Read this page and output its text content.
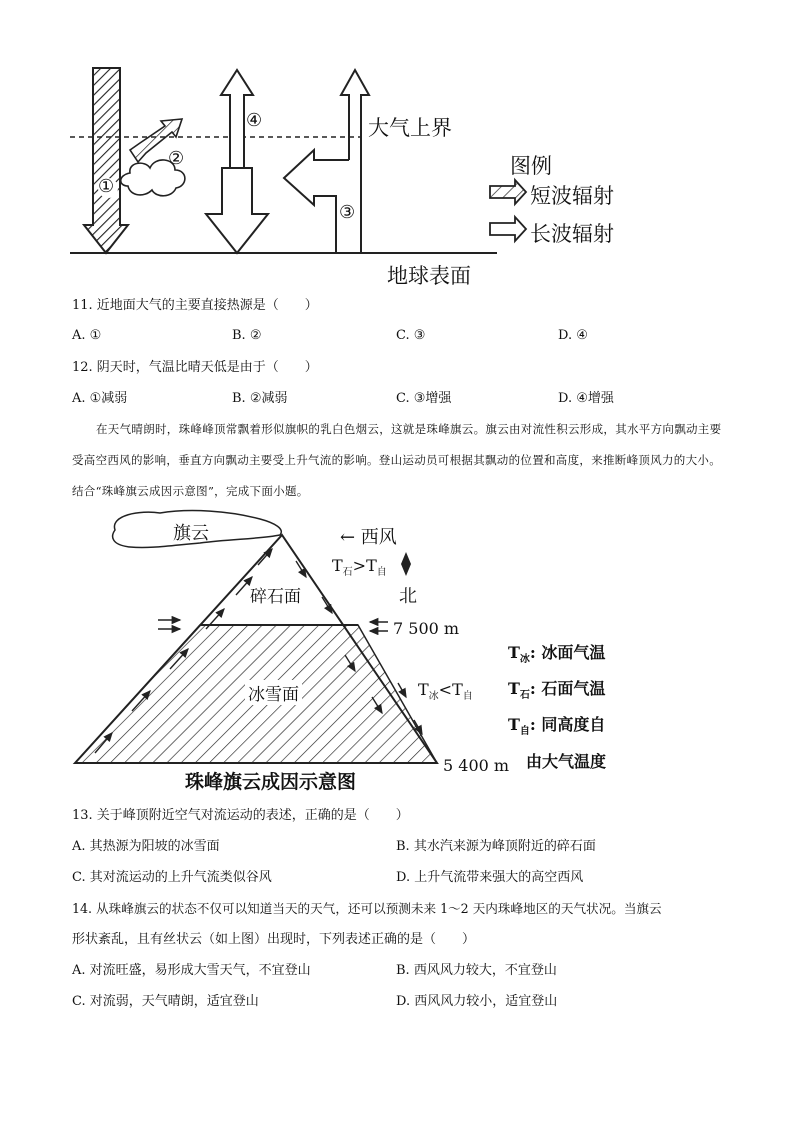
①
②
④
③
大气上界
图例
短波辐射
长波辐射
地球表面
11. 近地面大气的主要直接热源是（　　）
A. ①	B. ②	C. ③	D. ④
12. 阴天时，气温比晴天低是由于（　　）
A. ①减弱	B. ②减弱	C. ③增强	D. ④增强
在天气晴朗时，珠峰峰顶常飘着形似旗帜的乳白色烟云，这就是珠峰旗云。旗云由对流性积云形成，其水平方向飘动主要受高空西风的影响，垂直方向飘动主要受上升气流的影响。登山运动员可根据其飘动的位置和高度，来推断峰顶风力的大小。结合“珠峰旗云成因示意图”，完成下面小题。
旗云	← 西风
$T_石>T_自$
北
碎石面
冰雪面
7 500 m
5 400 m
$T_冰<T_自$
$T_冰$: 冰面气温
$T_石$: 石面气温
$T_自$: 同高度自
由大气温度
珠峰旗云成因示意图
13. 关于峰顶附近空气对流运动的表述，正确的是（　　）
A. 其热源为阳坡的冰雪面	B. 其水汽来源为峰顶附近的碎石面
C. 其对流运动的上升气流类似谷风	D. 上升气流带来强大的高空西风
14. 从珠峰旗云的状态不仅可以知道当天的天气，还可以预测未来 1～2 天内珠峰地区的天气状况。当旗云
形状紊乱，且有丝状云（如上图）出现时，下列表述正确的是（　　）
A. 对流旺盛，易形成大雪天气，不宜登山	B. 西风风力较大，不宜登山
C. 对流弱，天气晴朗，适宜登山	D. 西风风力较小，适宜登山
